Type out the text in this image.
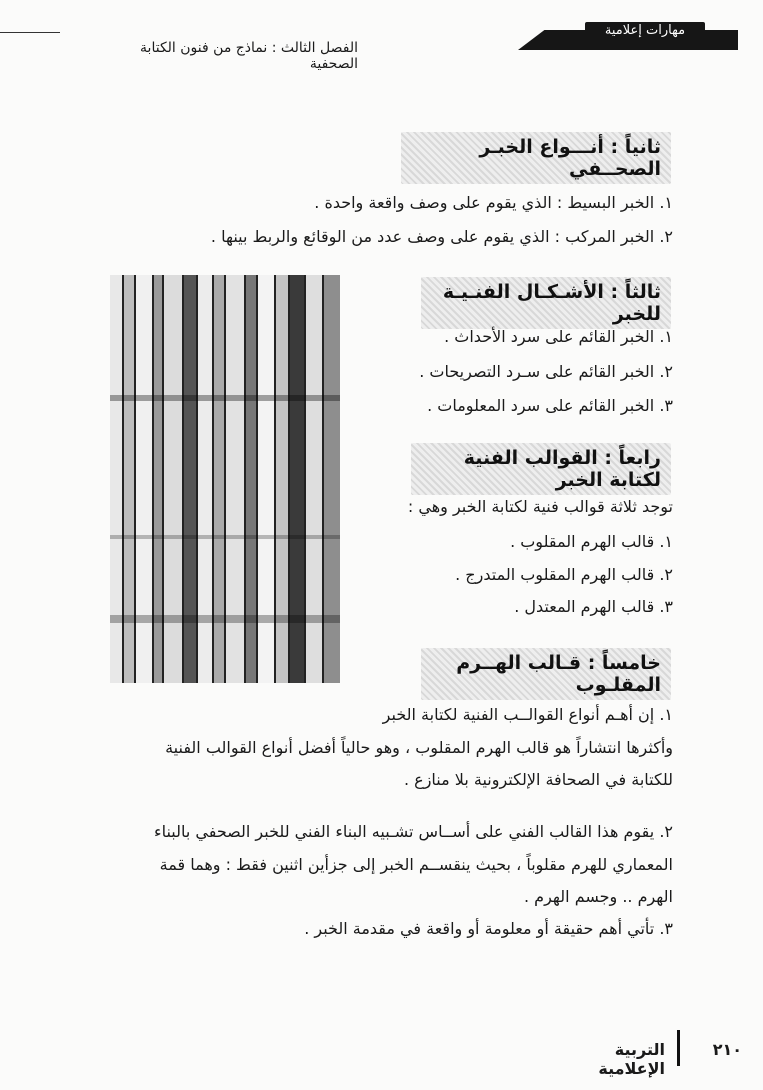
مهارات إعلامية
الفصل الثالث : نماذج من فنون الكتابة الصحفية
ثانياً : أنـــواع الخبـر الصحــفي
١. الخبر البسيط : الذي يقوم على وصف واقعة واحدة .
٢. الخبر المركب : الذي يقوم على وصف عدد من الوقائع والربط بينها .
ثالثاً : الأشـكـال الفنـيـة للخبر
١. الخبر القائم على سرد الأحداث .
٢. الخبر القائم على سـرد التصريحات .
٣. الخبر القائم على سرد المعلومات .
رابعاً : القوالب الفنية لكتابة الخبر
توجد ثلاثة قوالب فنية لكتابة الخبر وهي :
١. قالب الهرم المقلوب .
٢. قالب الهرم المقلوب المتدرج .
٣. قالب الهرم المعتدل .
خامساً : قـالب الهــرم المقلـوب
١. إن أهـم أنواع القوالــب الفنية لكتابة الخبر
وأكثرها انتشاراً هو قالب الهرم المقلوب ، وهو حالياً أفضل أنواع القوالب الفنية
للكتابة في الصحافة الإلكترونية بلا منازع .
٢. يقوم هذا القالب الفني على أســاس تشـبيه البناء الفني للخبر الصحفي بالبناء
المعماري للهرم مقلوباً ، بحيث ينقســم الخبر إلى جزأين اثنين فقط : وهما قمة
الهرم .. وجسم الهرم .
٣. تأتي أهم حقيقة أو معلومة أو واقعة في مقدمة الخبر .
التربية الإعلامية
٢١٠
